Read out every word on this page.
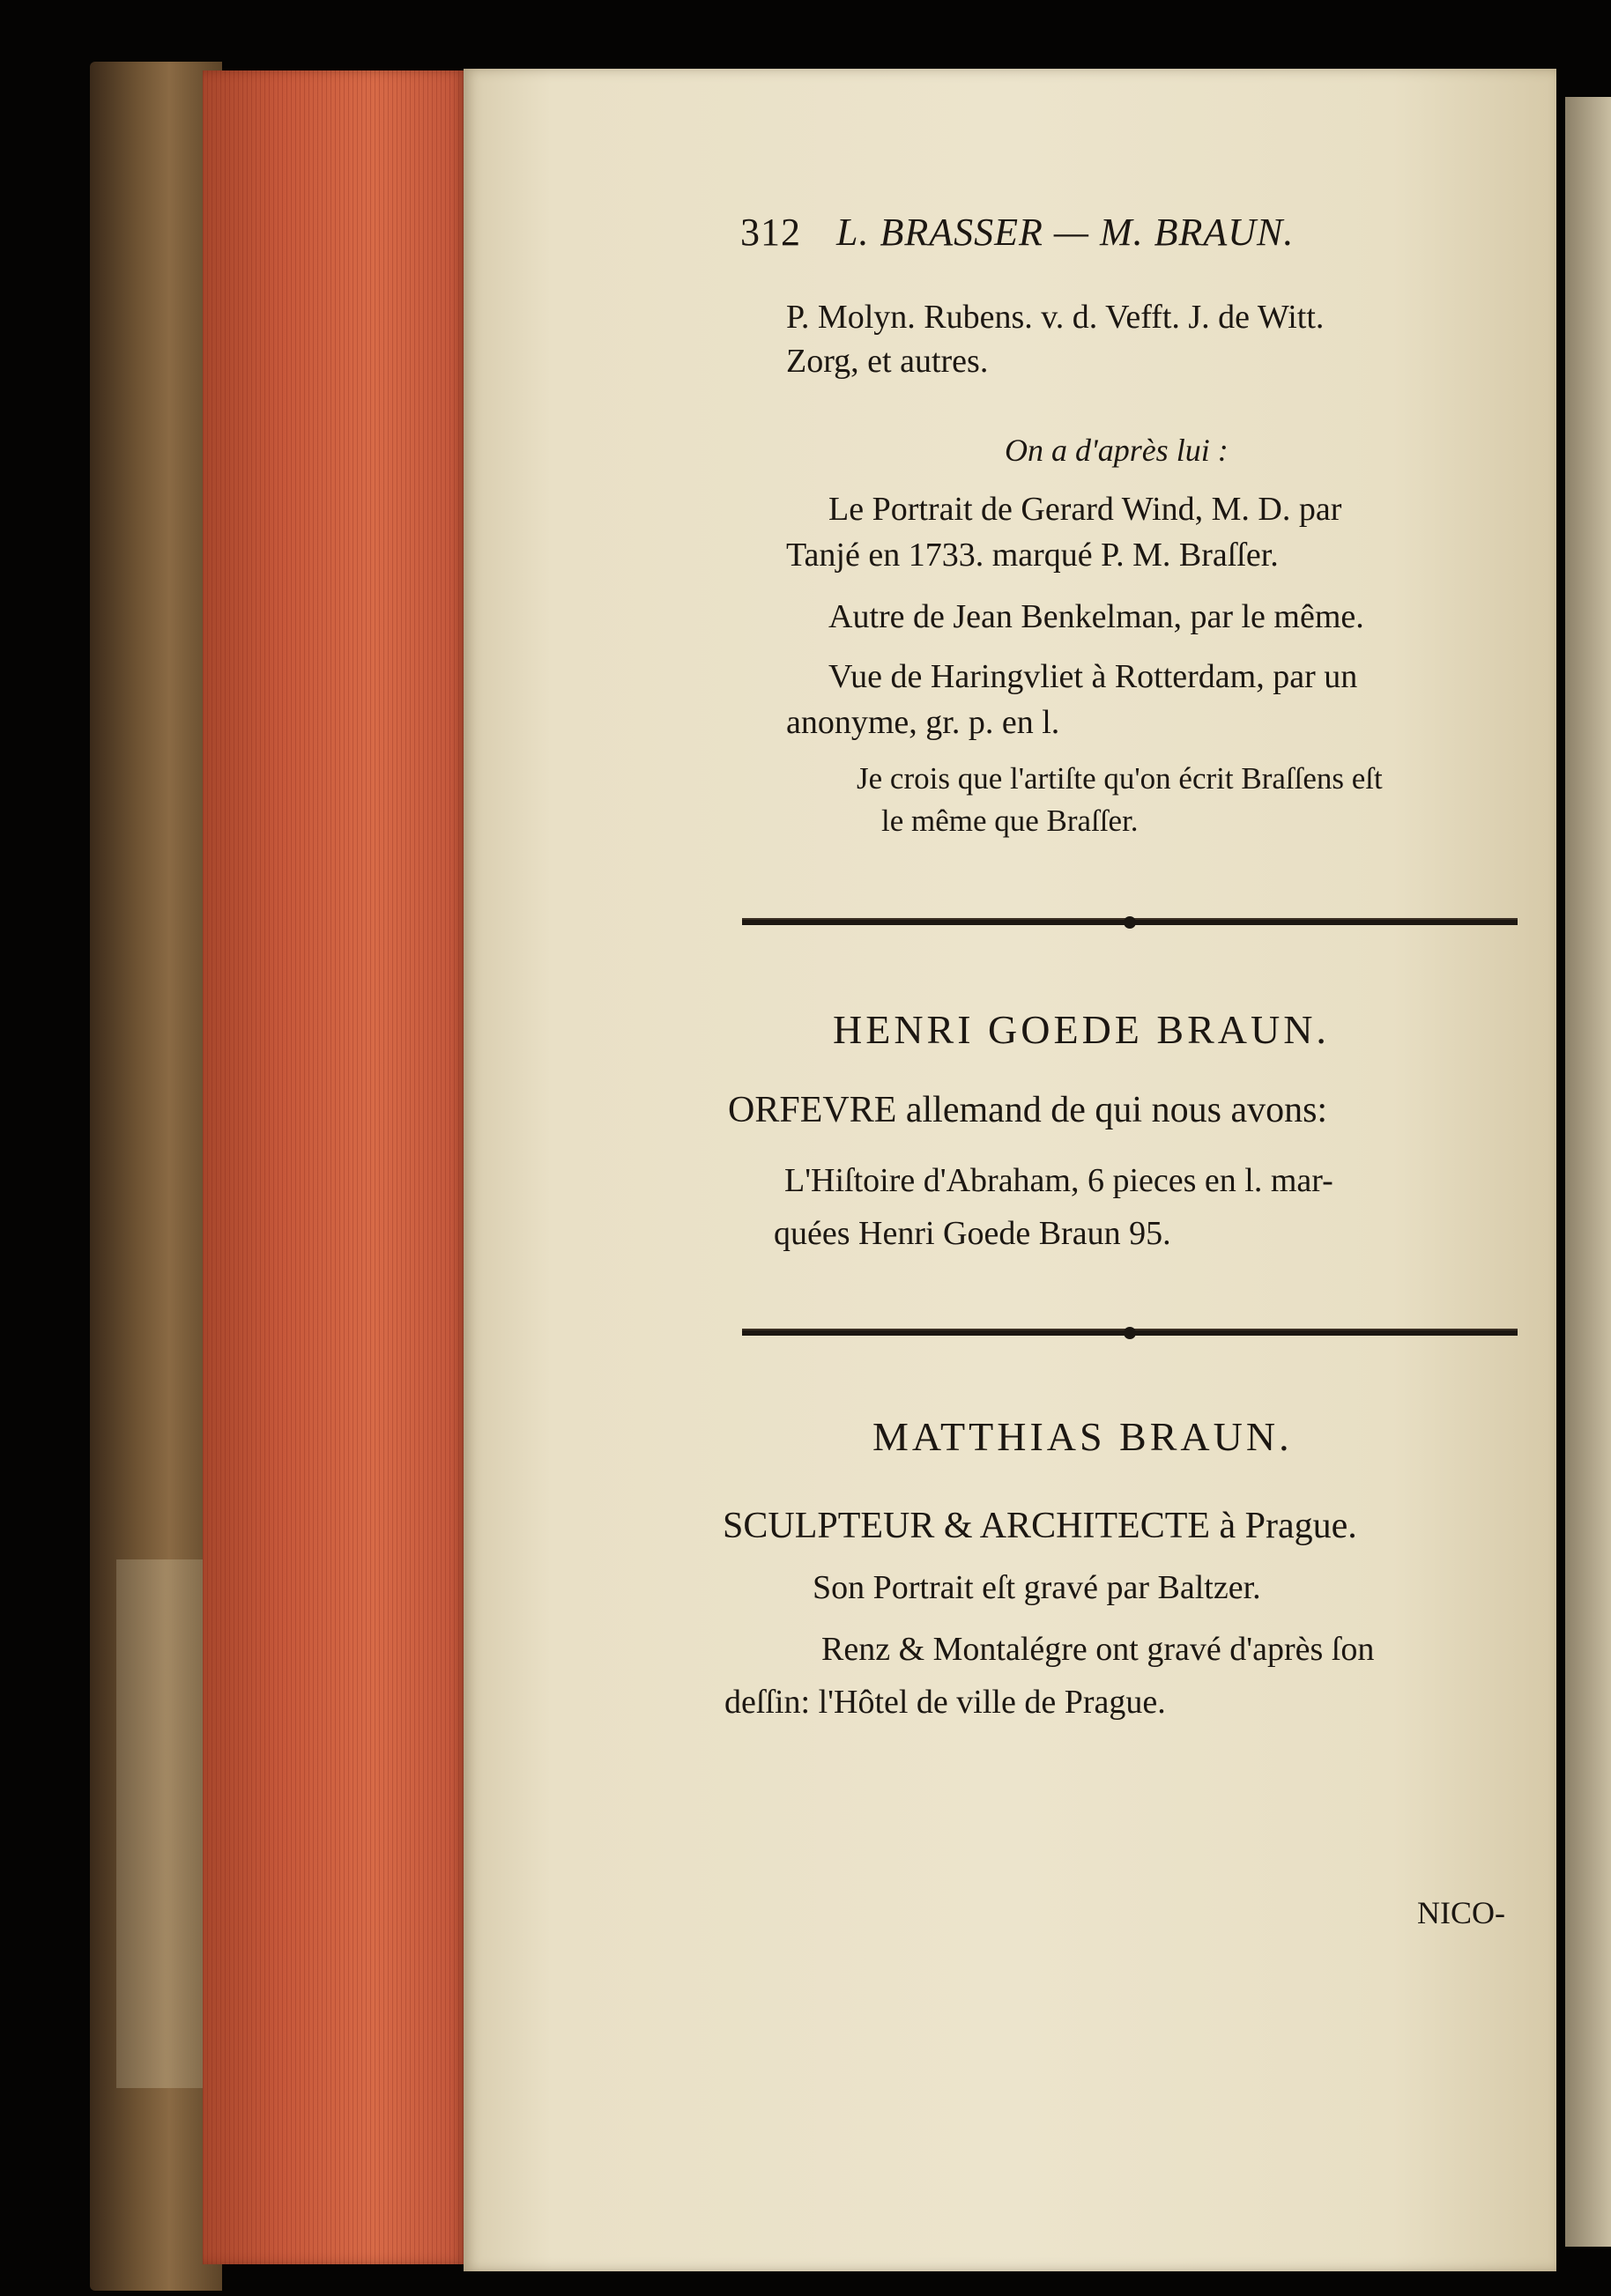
312 L. BRASSER — M. BRAUN.
P. Molyn. Rubens. v. d. Vefft. J. de Witt.
Zorg, et autres.
On a d'après lui :
Le Portrait de Gerard Wind, M. D. par
Tanjé en 1733. marqué P. M. Braſſer.
Autre de Jean Benkelman, par le même.
Vue de Haringvliet à Rotterdam, par un
anonyme, gr. p. en l.
Je crois que l'artiſte qu'on écrit Braſſens eſt
le même que Braſſer.
HENRI GOEDE BRAUN.
ORFEVRE allemand de qui nous avons:
L'Hiſtoire d'Abraham, 6 pieces en l. mar-
quées Henri Goede Braun 95.
MATTHIAS BRAUN.
SCULPTEUR & ARCHITECTE à Prague.
Son Portrait eſt gravé par Baltzer.
Renz & Montalégre ont gravé d'après ſon
deſſin: l'Hôtel de ville de Prague.
NICO-
